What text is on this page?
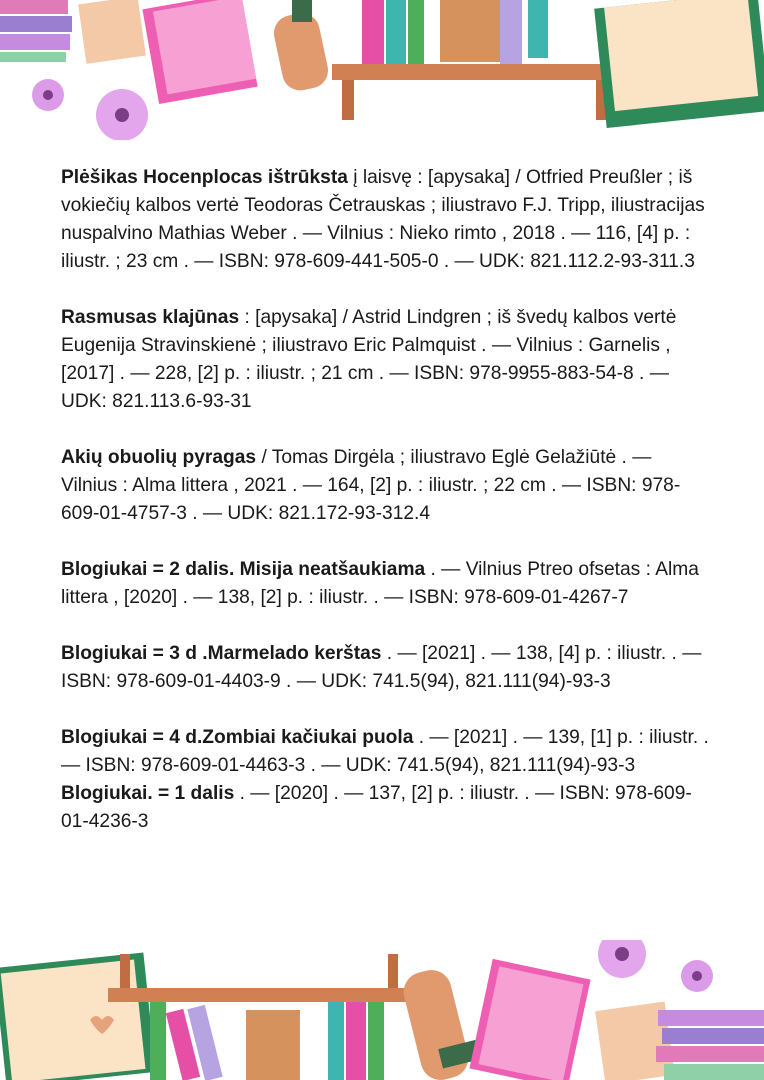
Plėšikas Hocenplocas ištrūksta į laisvę : [apysaka] / Otfried Preußler ; iš vokiečių kalbos vertė Teodoras Četrauskas ; iliustravo F.J. Tripp, iliustracijas nuspalvino Mathias Weber . — Vilnius : Nieko rimto , 2018 . — 116, [4] p. : iliustr. ; 23 cm . — ISBN: 978-609-441-505-0 . — UDK: 821.112.2-93-311.3

Rasmusas klajūnas : [apysaka] / Astrid Lindgren ; iš švedų kalbos vertė Eugenija Stravinskienė ; iliustravo Eric Palmquist . — Vilnius : Garnelis , [2017] . — 228, [2] p. : iliustr. ; 21 cm . — ISBN: 978-9955-883-54-8 . — UDK: 821.113.6-93-31

Akių obuolių pyragas / Tomas Dirgėla ; iliustravo Eglė Gelažiūtė . — Vilnius : Alma littera , 2021 . — 164, [2] p. : iliustr. ; 22 cm . — ISBN: 978-609-01-4757-3 . — UDK: 821.172-93-312.4

Blogiukai = 2 dalis. Misija neatšaukiama . — Vilnius Ptreo ofsetas : Alma littera , [2020] . — 138, [2] p. : iliustr. . — ISBN: 978-609-01-4267-7

Blogiukai = 3 d .Marmelado kerštas . — [2021] . — 138, [4] p. : iliustr. . — ISBN: 978-609-01-4403-9 . — UDK: 741.5(94), 821.111(94)-93-3

Blogiukai = 4 d.Zombiai kačiukai puola . — [2021] . — 139, [1] p. : iliustr. . — ISBN: 978-609-01-4463-3 . — UDK: 741.5(94), 821.111(94)-93-3

Blogiukai. = 1 dalis . — [2020] . — 137, [2] p. : iliustr. . — ISBN: 978-609-01-4236-3
